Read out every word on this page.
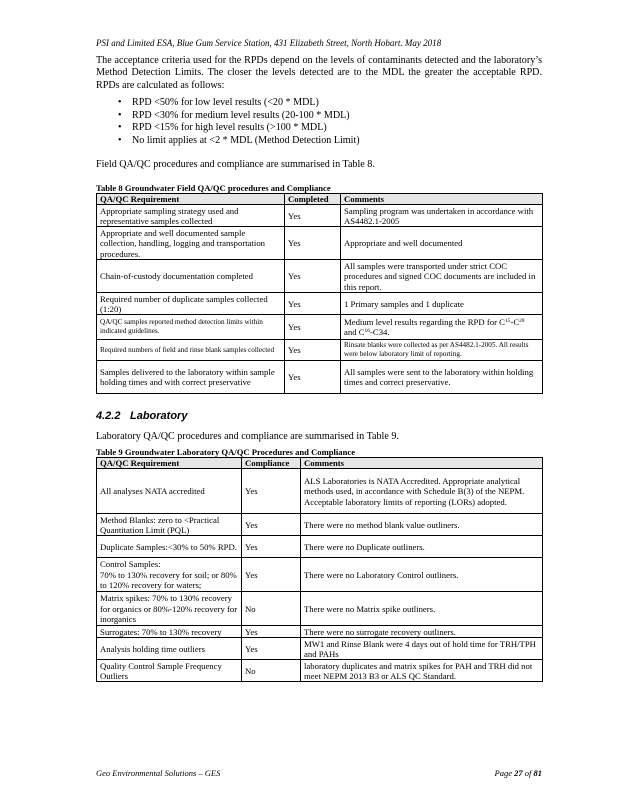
PSI and Limited ESA, Blue Gum Service Station, 431 Elizabeth Street, North Hobart. May 2018
The acceptance criteria used for the RPDs depend on the levels of contaminants detected and the laboratory’s Method Detection Limits. The closer the levels detected are to the MDL the greater the acceptable RPD. RPDs are calculated as follows:
• RPD <50% for low level results (<20 * MDL)
• RPD <30% for medium level results (20-100 * MDL)
• RPD <15% for high level results (>100 * MDL)
• No limit applies at <2 * MDL (Method Detection Limit)
Field QA/QC procedures and compliance are summarised in Table 8.
Table 8 Groundwater Field QA/QC procedures and Compliance
QA/QC Requirement	Completed	Comments
Appropriate sampling strategy used and representative samples collected	Yes	Sampling program was undertaken in accordance with AS4482.1-2005
Appropriate and well documented sample collection, handling, logging and transportation procedures.	Yes	Appropriate and well documented
Chain-of-custody documentation completed	Yes	All samples were transported under strict COC procedures and signed COC documents are included in this report.
Required number of duplicate samples collected (1:20)	Yes	1 Primary samples and 1 duplicate
QA/QC samples reported method detection limits within indicated guidelines.	Yes	Medium level results regarding the RPD for $C^{15}-C^{28}$ and $C^{16}-C34$.
Required numbers of field and rinse blank samples collected	Yes	Rinsate blanks were collected as per AS4482.1-2005. All results were below laboratory limit of reporting.
Samples delivered to the laboratory within sample holding times and with correct preservative	Yes	All samples were sent to the laboratory within holding times and correct preservative.
4.2.2 Laboratory
Laboratory QA/QC procedures and compliance are summarised in Table 9.
Table 9 Groundwater Laboratory QA/QC Procedures and Compliance
QA/QC Requirement	Compliance	Comments
All analyses NATA accredited	Yes	ALS Laboratories is NATA Accredited. Appropriate analytical methods used, in accordance with Schedule B(3) of the NEPM. Acceptable laboratory limits of reporting (LORs) adopted.
Method Blanks: zero to <Practical Quantitation Limit (PQL)	Yes	There were no method blank value outliners.
Duplicate Samples:<30% to 50% RPD.	Yes	There were no Duplicate outliners.

Control Samples:
70% to 130% recovery for soil; or 80% to 120% recovery for waters;	Yes	There were no Laboratory Control outliners.
Matrix spikes: 70% to 130% recovery for organics or 80%-120% recovery for inorganics	No	There were no Matrix spike outliners.
Surrogates: 70% to 130% recovery	Yes	There were no surrogate recovery outliners.
Analysis holding time outliers	Yes	MW1 and Rinse Blank were 4 days out of hold time for TRH/TPH and PAHs
Quality Control Sample Frequency Outliers	No	laboratory duplicates and matrix spikes for PAH and TRH did not meet NEPM 2013 B3 or ALS QC Standard.
Geo Environmental Solutions – GES	Page 27 of 81
